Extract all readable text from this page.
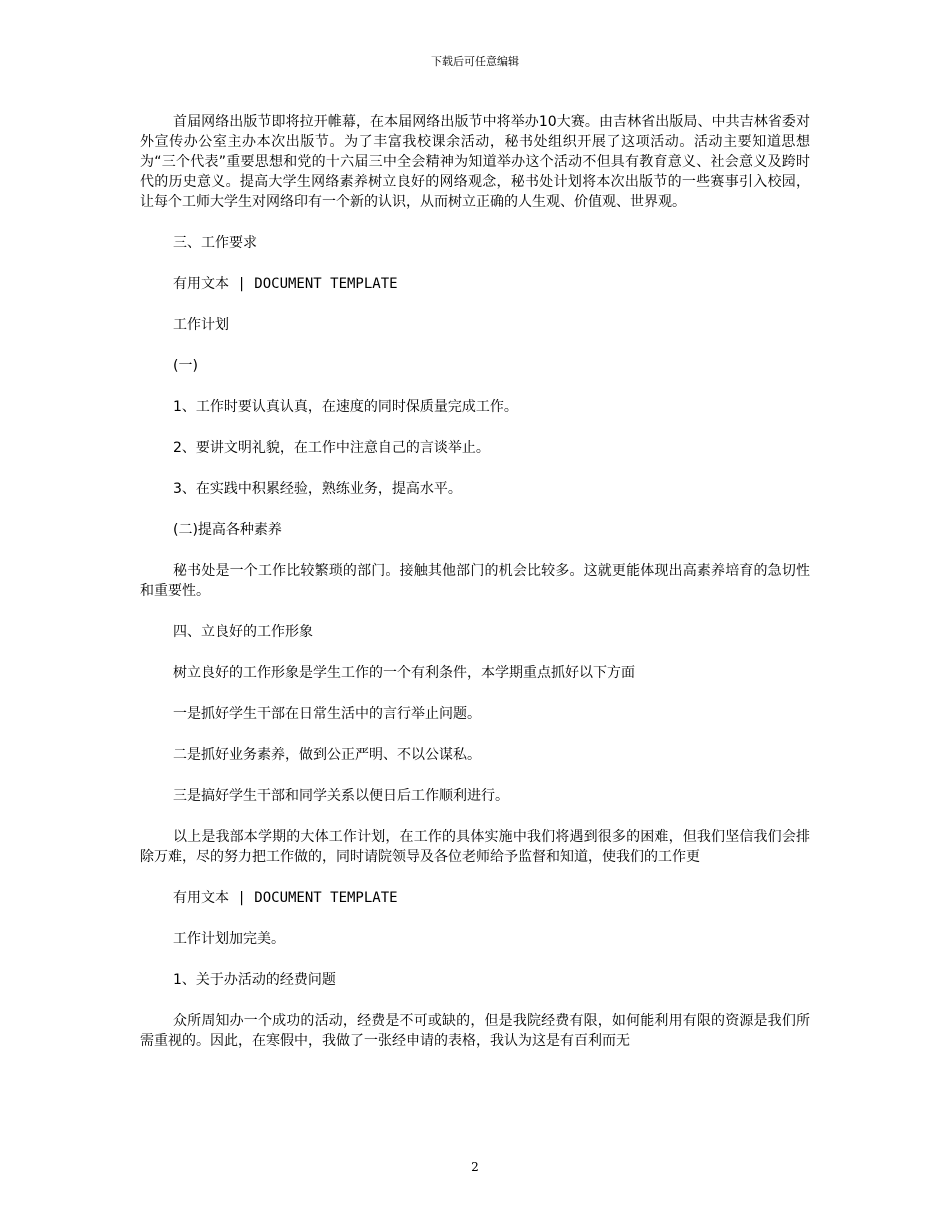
下载后可任意编辑

首届网络出版节即将拉开帷幕，在本届网络出版节中将举办10大赛。由吉林省出版局、中共吉林省委对外宣传办公室主办本次出版节。为了丰富我校课余活动，秘书处组织开展了这项活动。活动主要知道思想为“三个代表”重要思想和党的十六届三中全会精神为知道举办这个活动不但具有教育意义、社会意义及跨时代的历史意义。提高大学生网络素养树立良好的网络观念，秘书处计划将本次出版节的一些赛事引入校园，让每个工师大学生对网络印有一个新的认识，从而树立正确的人生观、价值观、世界观。

三、工作要求

有用文本 | DOCUMENT TEMPLATE

工作计划

(一)

1、工作时要认真认真，在速度的同时保质量完成工作。

2、要讲文明礼貌，在工作中注意自己的言谈举止。

3、在实践中积累经验，熟练业务，提高水平。

(二)提高各种素养

秘书处是一个工作比较繁琐的部门。接触其他部门的机会比较多。这就更能体现出高素养培育的急切性和重要性。

四、立良好的工作形象

树立良好的工作形象是学生工作的一个有利条件，本学期重点抓好以下方面

一是抓好学生干部在日常生活中的言行举止问题。

二是抓好业务素养，做到公正严明、不以公谋私。

三是搞好学生干部和同学关系以便日后工作顺利进行。

以上是我部本学期的大体工作计划，在工作的具体实施中我们将遇到很多的困难，但我们坚信我们会排除万难，尽的努力把工作做的，同时请院领导及各位老师给予监督和知道，使我们的工作更

有用文本 | DOCUMENT TEMPLATE

工作计划加完美。

1、关于办活动的经费问题

众所周知办一个成功的活动，经费是不可或缺的，但是我院经费有限，如何能利用有限的资源是我们所需重视的。因此，在寒假中，我做了一张经申请的表格，我认为这是有百利而无

2
